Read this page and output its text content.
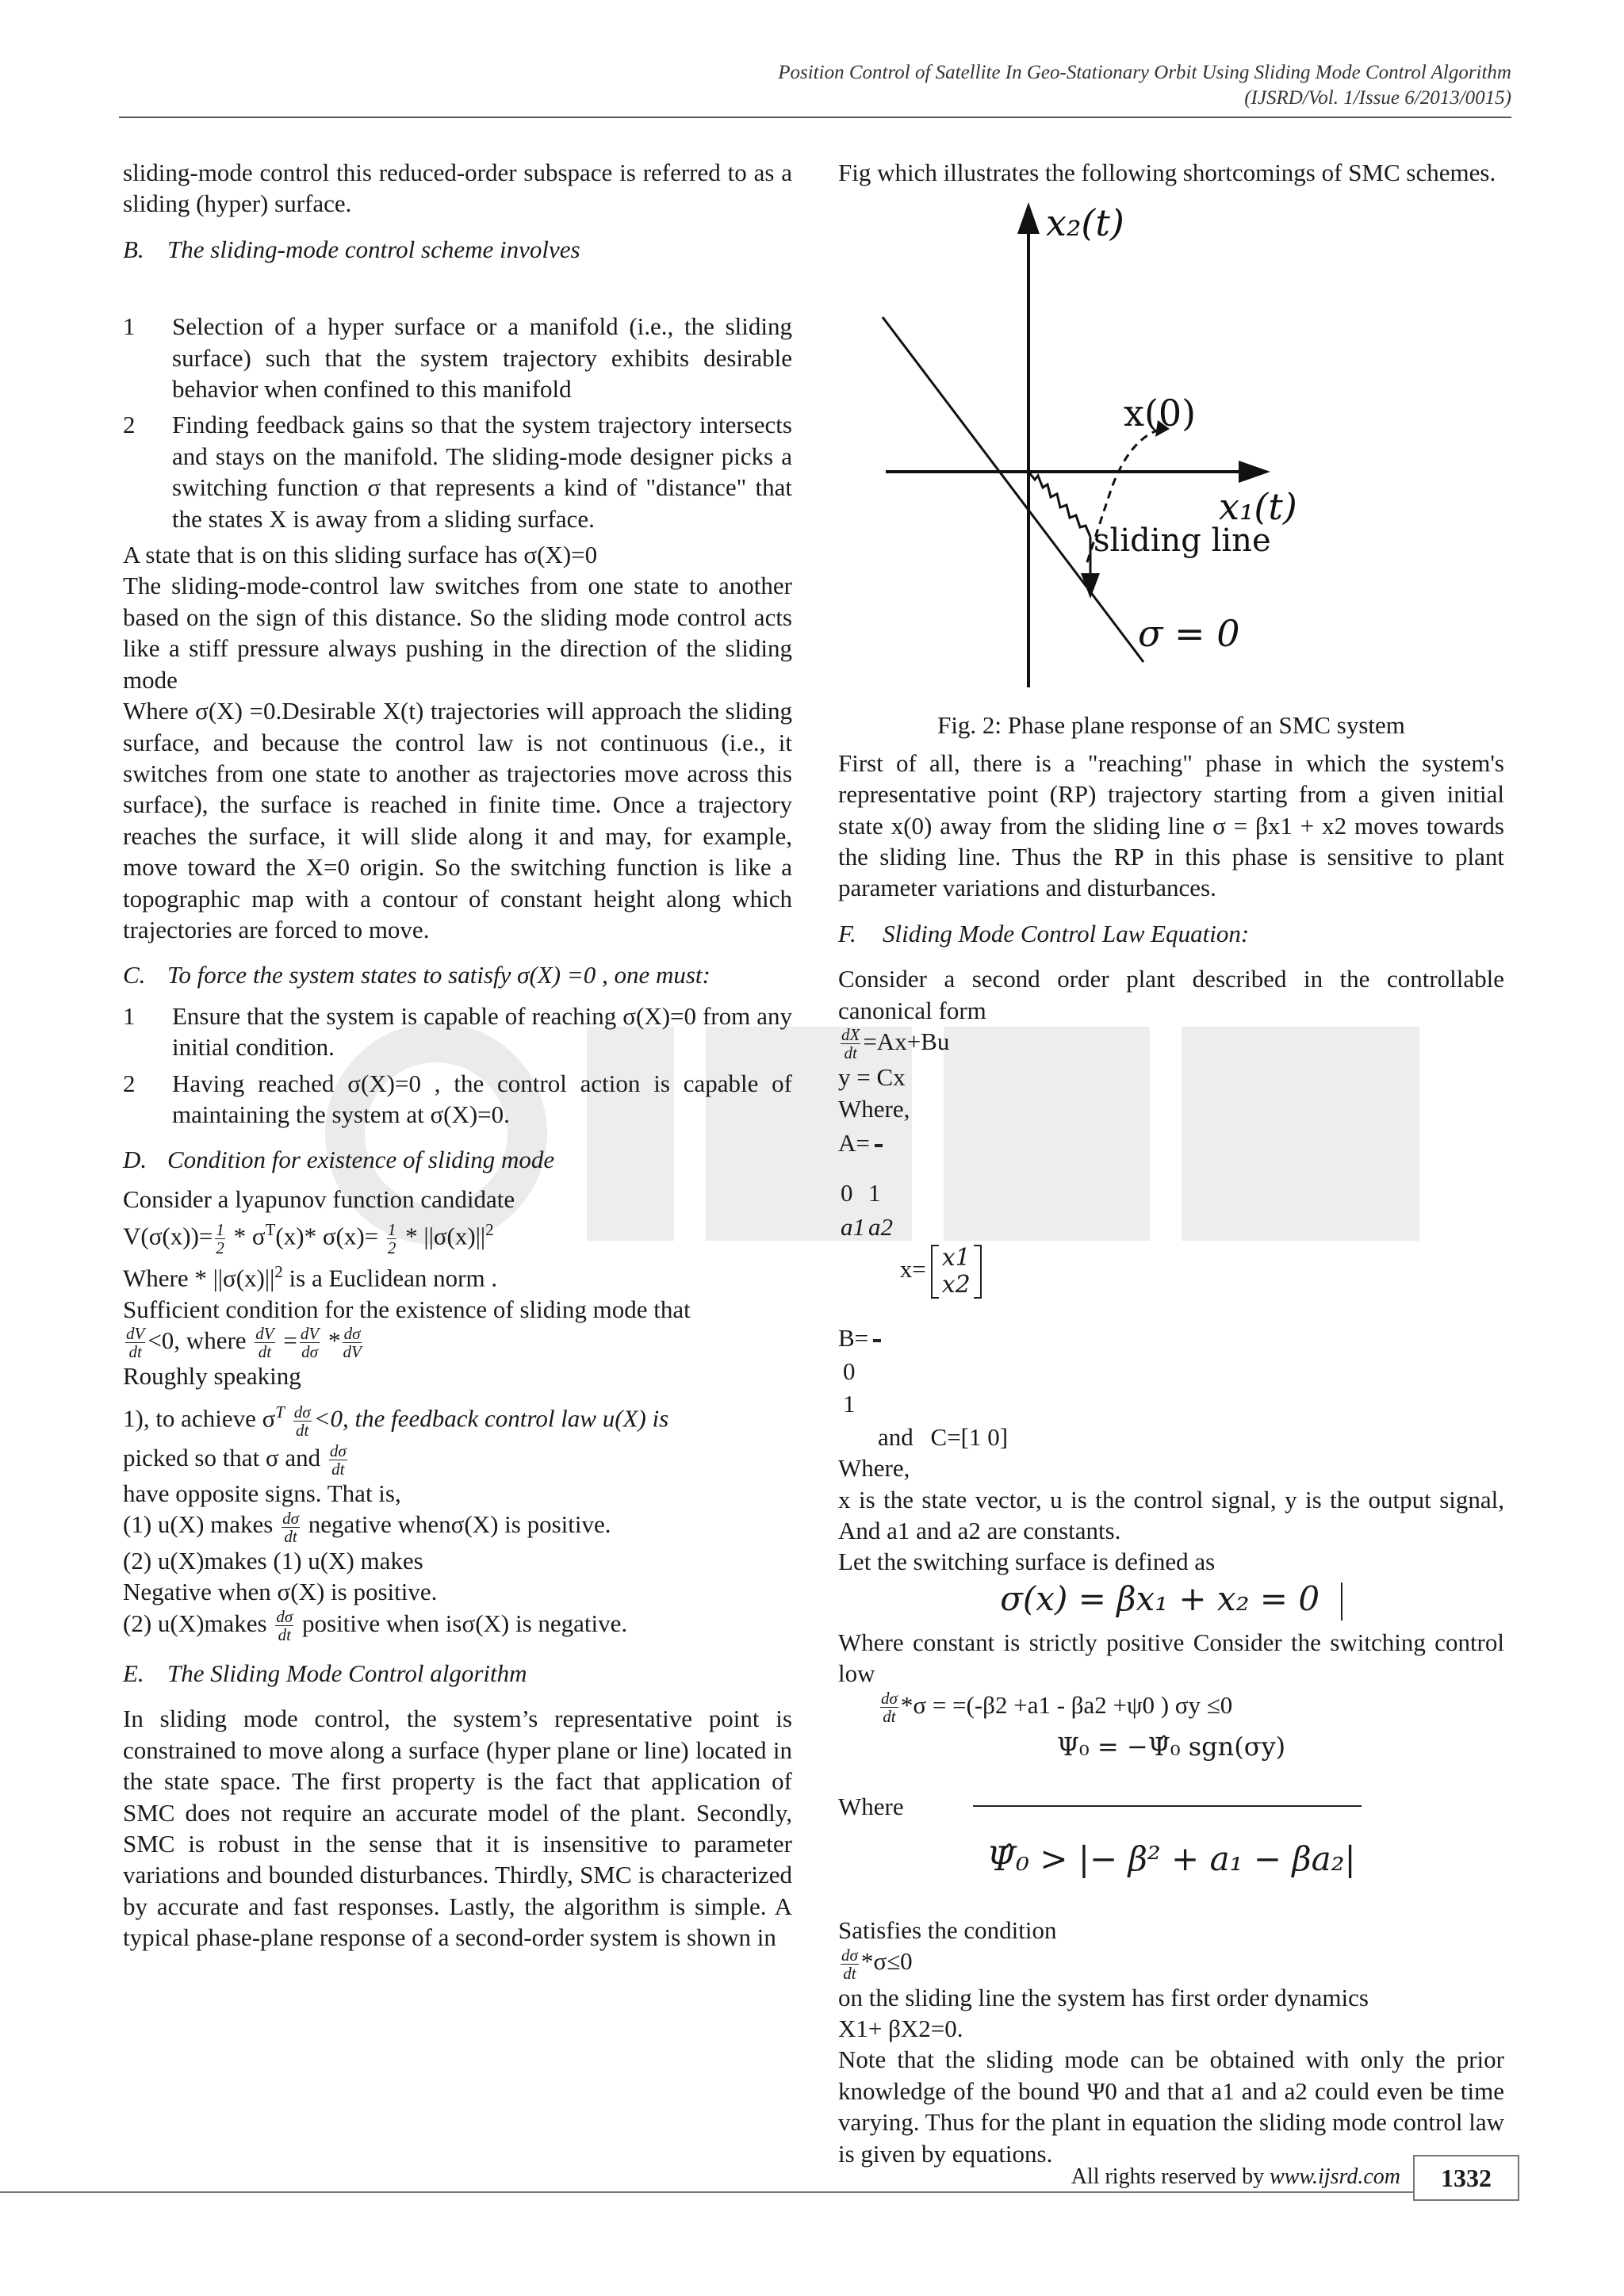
Position Control of Satellite In Geo-Stationary Orbit Using Sliding Mode Control Algorithm
(IJSRD/Vol. 1/Issue 6/2013/0015)

sliding-mode control this reduced-order subspace is referred to as a sliding (hyper) surface.

B. The sliding-mode control scheme involves

1	Selection of a hyper surface or a manifold (i.e., the sliding surface) such that the system trajectory exhibits desirable behavior when confined to this manifold
2	Finding feedback gains so that the system trajectory intersects and stays on the manifold. The sliding-mode designer picks a switching function σ that represents a kind of "distance" that the states X is away from a sliding surface.

A state that is on this sliding surface has σ(X)=0

The sliding-mode-control law switches from one state to another based on the sign of this distance. So the sliding mode control acts like a stiff pressure always pushing in the direction of the sliding mode

Where σ(X) =0.Desirable X(t) trajectories will approach the sliding surface, and because the control law is not continuous (i.e., it switches from one state to another as trajectories move across this surface), the surface is reached in finite time. Once a trajectory reaches the surface, it will slide along it and may, for example, move toward the X=0 origin. So the switching function is like a topographic map with a contour of constant height along which trajectories are forced to move.

C. To force the system states to satisfy σ(X) =0 , one must:

1	Ensure that the system is capable of reaching σ(X)=0 from any initial condition.
2	Having reached σ(X)=0 , the control action is capable of maintaining the system at σ(X)=0.

D. Condition for existence of sliding mode

Consider a lyapunov function candidate

$V(\sigma(x))= \frac{1}{2} * \sigma^T(x)*$ $\sigma(x)= \frac{1}{2} * ||\sigma(x)||^2$

Where * $||\sigma(x)||^2$ is a Euclidean norm .

Sufficient condition for the existence of sliding mode that

$\frac{dV}{dt} <0$, where $\frac{dV}{dt} = \frac{dV}{d\sigma} * \frac{d\sigma}{dV}$

Roughly speaking

1), to achieve $\sigma^T \frac{d\sigma}{dt} <0$, the feedback control law u(X) is

picked so that σ and $\frac{d\sigma}{dt}$

have opposite signs. That is,

(1) u(X) makes $\frac{d\sigma}{dt}$ negative whenσ(X) is positive.

(2) u(X)makes (1) u(X) makes

Negative when σ(X) is positive.

(2) u(X)makes $\frac{d\sigma}{dt}$ positive when isσ(X) is negative.

E. The Sliding Mode Control algorithm

In sliding mode control, the system’s representative point is constrained to move along a surface (hyper plane or line) located in the state space. The first property is the fact that application of SMC does not require an accurate model of the plant. Secondly, SMC is robust in the sense that it is insensitive to parameter variations and bounded disturbances. Thirdly, SMC is characterized by accurate and fast responses. Lastly, the algorithm is simple. A typical phase-plane response of a second-order system is shown in

Fig which illustrates the following shortcomings of SMC schemes.

x₂(t)
x₁(t)
x(0)
sliding line
σ = 0

Fig. 2: Phase plane response of an SMC system

First of all, there is a "reaching" phase in which the system's representative point (RP) trajectory starting from a given initial state x(0) away from the sliding line σ = βx1 + x2 moves towards the sliding line. Thus the RP in this phase is sensitive to plant parameter variations and disturbances.

F. Sliding Mode Control Law Equation:

Consider a second order plant described in the controllable canonical form

$\frac{dX}{dt} =Ax+Bu$

y = Cx

Where,

A=

0	1
a1	a2
x= x1
x2

B=

0
1
and C=[1 0]

Where,

x is the state vector, u is the control signal, y is the output signal, And a1 and a2 are constants.

Let the switching surface is defined as

σ(x) = βx₁ + x₂ = 0

Where constant is strictly positive Consider the switching control low

$\frac{d\sigma}{dt} *\sigma = =(-\beta 2 +a1 - \beta a2 +\psi 0$ ) σy ≤0

Ψ₀ = −Ψ̂₀ sgn(σy)

Where

Ψ̂₀ > |− β² + a₁ − βa₂|

Satisfies the condition

$\frac{d\sigma}{dt} *\sigma\le 0$

on the sliding line the system has first order dynamics

X1+ βX2=0.

Note that the sliding mode can be obtained with only the prior knowledge of the bound Ψ0 and that a1 and a2 could even be time varying. Thus for the plant in equation the sliding mode control law is given by equations.

All rights reserved by www.ijsrd.com	1332
